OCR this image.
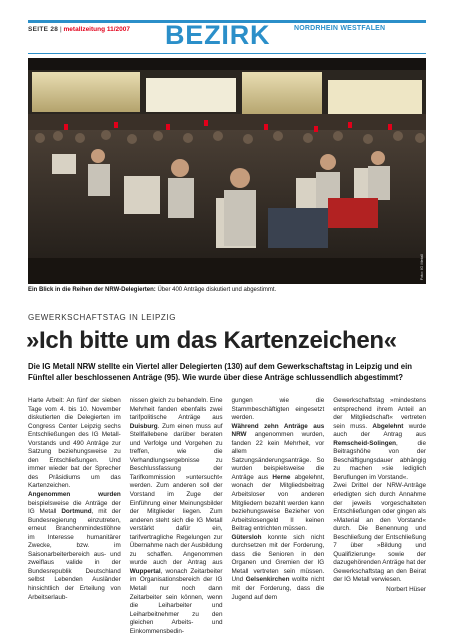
SEITE 28 | metallzeitung 11/2007 BEZIRK	NORDRHEIN WESTFALEN
Foto: IG Metall
Ein Blick in die Reihen der NRW-Delegierten: Über 400 Anträge diskutiert und abgestimmt.
GEWERKSCHAFTSTAG IN LEIPZIG
»Ich bitte um das Kartenzeichen«
Die IG Metall NRW stellte ein Viertel aller Delegierten (130) auf dem Gewerkschaftstag in Leipzig und ein Fünftel aller beschlossenen Anträge (95). Wie wurde über diese Anträge schlussendlich abgestimmt?

Harte Arbeit: An fünf der sieben Tage vom 4. bis 10. November diskutierten die Delegierten im Congress Center Leipzig sechs Entschließungen des IG Metall-Vorstands und 490 Anträge zur Satzung beziehungsweise zu den Entschließungen. Und immer wieder bat der Sprecher des Präsidiums um das Kartenzeichen.

Angenommen wurden beispielsweise die Anträge der IG Metall Dortmund, mit der Bundesregierung einzutreten, erneut Branchenmindestlöhne im Interesse humanitärer Zwecke, bzw. im Saisonarbeiterbereich aus- und zweiflaus valide in der Bundesrepublik Deutschland selbst Lebenden Ausländer hinsichtlich der Erteilung von Arbeitserlaub-

nissen gleich zu behandeln. Eine Mehrheit fanden ebenfalls zwei tarifpolitische Anträge aus Duisburg. Zum einen muss auf Stellfallebene darüber beraten und Verfolge und Vorgehen zu treffen, wie die Verhandlungsergebnisse zu Beschlussfassung der Tarifkommission »untersucht« werden. Zum anderen soll der Vorstand im Zuge der Einführung einer Meinungsbilder der Mitglieder liegen. Zum anderen steht sich die IG Metall verstärkt dafür ein, tarifvertragliche Regelungen zur Übernahme nach der Ausbildung zu schaffen. Angenommen wurde auch der Antrag aus Wuppertal, wonach Zeitarbeiter im Organisationsbereich der IG Metall nur noch dann Zeitarbeiter sein können, wenn die Leiharbeiter und Leiharbeitnehmer zu den gleichen Arbeits- und Einkommensbedin-

gungen wie die Stammbeschäftigten eingesetzt werden.

Während zehn Anträge aus NRW angenommen wurden, fanden 22 kein Mehrheit, vor allem Satzungsänderungsanträge. So wurden beispielsweise die Anträge aus Herne abgelehnt, wonach der Mitgliedsbeitrag Arbeitsloser von anderen Mitgliedern bezahlt werden kann beziehungsweise Bezieher von Arbeitslosengeld II keinen Beitrag entrichten müssen.

Gütersloh konnte sich nicht durchsetzen mit der Forderung, dass die Senioren in den Organen und Gremien der IG Metall vertreten sein müssen. Und Gelsenkirchen wollte nicht mit der Forderung, dass die Jugend auf dem

Gewerkschaftstag »mindestens entsprechend ihrem Anteil an der Mitgliedschaft« vertreten sein muss. Abgelehnt wurde auch der Antrag aus Remscheid-Solingen, die Beitragshöhe von der Beschäftigungsdauer abhängig zu machen »sie lediglich Beruflungen im Vorstand«.

Zwei Drittel der NRW-Anträge erledigten sich durch Annahme der jeweils vorgeschalteten Entschließungen oder gingen als »Material an den Vorstand« durch. Die Benennung und Beschließung der Entschließung 7 über »Bildung und Qualifizierung« sowie der dazugehörenden Anträge hat der Gewerkschaftstag an den Beirat der IG Metall verwiesen.

Norbert Hüser
